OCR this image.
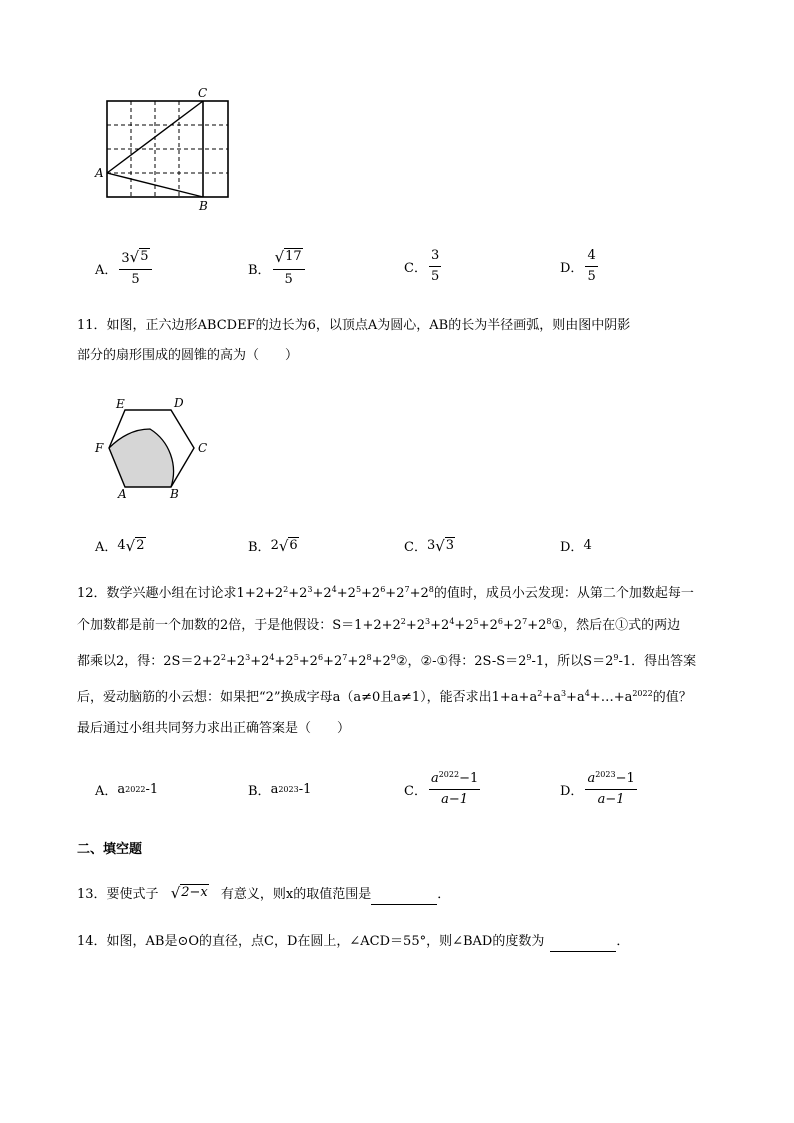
C
A
B
A． $\frac{3 √ 5}{5}$	B． $\frac{√ 17}{5}$	C． $\frac{3}{5}$	D． $\frac{4}{5}$
11．如图，正六边形ABCDEF的边长为6，以顶点A为圆心，AB的长为半径画弧，则由图中阴影
部分的扇形围成的圆锥的高为（　　）
E	D
F	C
A	B
A． 4 √ 2	B． 2 √ 6	C． 3 √ 3	D． 4
12．数学兴趣小组在讨论求$1+2+2^2+2^3+2^4+2^5+2^6+2^7+2^8$的值时，成员小云发现：从第二个加数起每一
个加数都是前一个加数的2倍，于是他假设：$S=1+2+2^2+2^3+2^4+2^5+2^6+2^7+2^8①$，然后在①式的两边
都乘以2，得：$2S=2+2^2+2^3+2^4+2^5+2^6+2^7+2^8+2^9②$，②-①得：$2S-S=2^9-1$，所以$S=2^9-1$．得出答案
后，爱动脑筋的小云想：如果把“2”换成字母a（a≠0且a≠1），能否求出$1+a+a^2+a^3+a^4+\dots+a^{2022}$的值？
最后通过小组共同努力求出正确答案是（　　）
A． a 2022 -1	B． a 2023 -1	C． $\frac{a^{2022}-1}{a-1}$	D． $\frac{a^{2023}-1}{a-1}$
二、填空题
13．要使式子 √ 2−x 有意义，则x的取值范围是	．
14．如图，AB是⊙O的直径，点C，D在圆上，∠ACD＝55°，则∠BAD的度数为	．
